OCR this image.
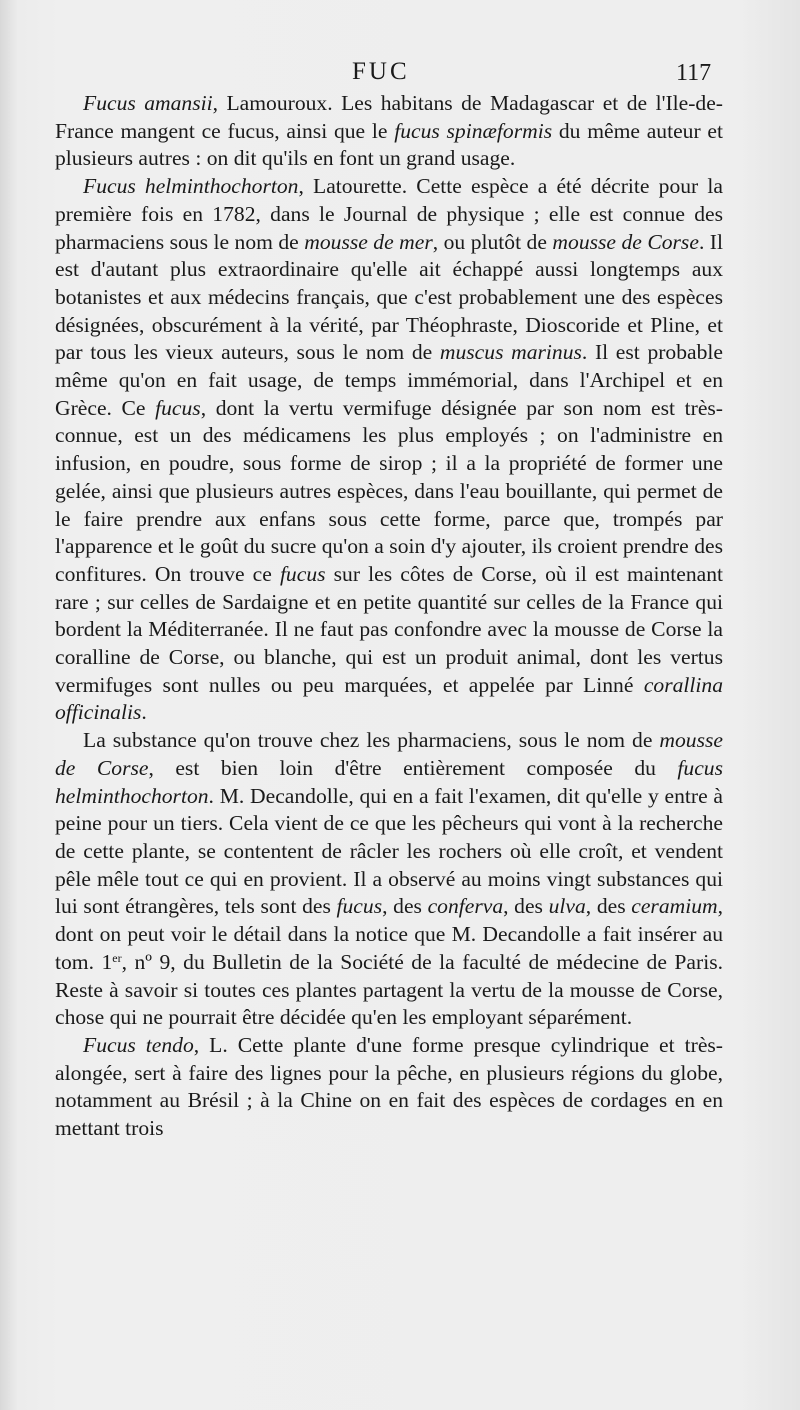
FUC	117

Fucus amansii, Lamouroux. Les habitans de Madagascar et de l'Ile-de-France mangent ce fucus, ainsi que le fucus spinæformis du même auteur et plusieurs autres : on dit qu'ils en font un grand usage.

Fucus helminthochorton, Latourette. Cette espèce a été décrite pour la première fois en 1782, dans le Journal de physique ; elle est connue des pharmaciens sous le nom de mousse de mer, ou plutôt de mousse de Corse. Il est d'autant plus extraordinaire qu'elle ait échappé aussi longtemps aux botanistes et aux médecins français, que c'est probablement une des espèces désignées, obscurément à la vérité, par Théophraste, Dioscoride et Pline, et par tous les vieux auteurs, sous le nom de muscus marinus. Il est probable même qu'on en fait usage, de temps immémorial, dans l'Archipel et en Grèce. Ce fucus, dont la vertu vermifuge désignée par son nom est très-connue, est un des médicamens les plus employés ; on l'administre en infusion, en poudre, sous forme de sirop ; il a la propriété de former une gelée, ainsi que plusieurs autres espèces, dans l'eau bouillante, qui permet de le faire prendre aux enfans sous cette forme, parce que, trompés par l'apparence et le goût du sucre qu'on a soin d'y ajouter, ils croient prendre des confitures. On trouve ce fucus sur les côtes de Corse, où il est maintenant rare ; sur celles de Sardaigne et en petite quantité sur celles de la France qui bordent la Méditerranée. Il ne faut pas confondre avec la mousse de Corse la coralline de Corse, ou blanche, qui est un produit animal, dont les vertus vermifuges sont nulles ou peu marquées, et appelée par Linné corallina officinalis.

La substance qu'on trouve chez les pharmaciens, sous le nom de mousse de Corse, est bien loin d'être entièrement composée du fucus helminthochorton. M. Decandolle, qui en a fait l'examen, dit qu'elle y entre à peine pour un tiers. Cela vient de ce que les pêcheurs qui vont à la recherche de cette plante, se contentent de râcler les rochers où elle croît, et vendent pêle mêle tout ce qui en provient. Il a observé au moins vingt substances qui lui sont étrangères, tels sont des fucus, des conferva, des ulva, des ceramium, dont on peut voir le détail dans la notice que M. Decandolle a fait insérer au tom. 1er, nº 9, du Bulletin de la Société de la faculté de médecine de Paris. Reste à savoir si toutes ces plantes partagent la vertu de la mousse de Corse, chose qui ne pourrait être décidée qu'en les employant séparément.

Fucus tendo, L. Cette plante d'une forme presque cylindrique et très-alongée, sert à faire des lignes pour la pêche, en plusieurs régions du globe, notamment au Brésil ; à la Chine on en fait des espèces de cordages en en mettant trois
